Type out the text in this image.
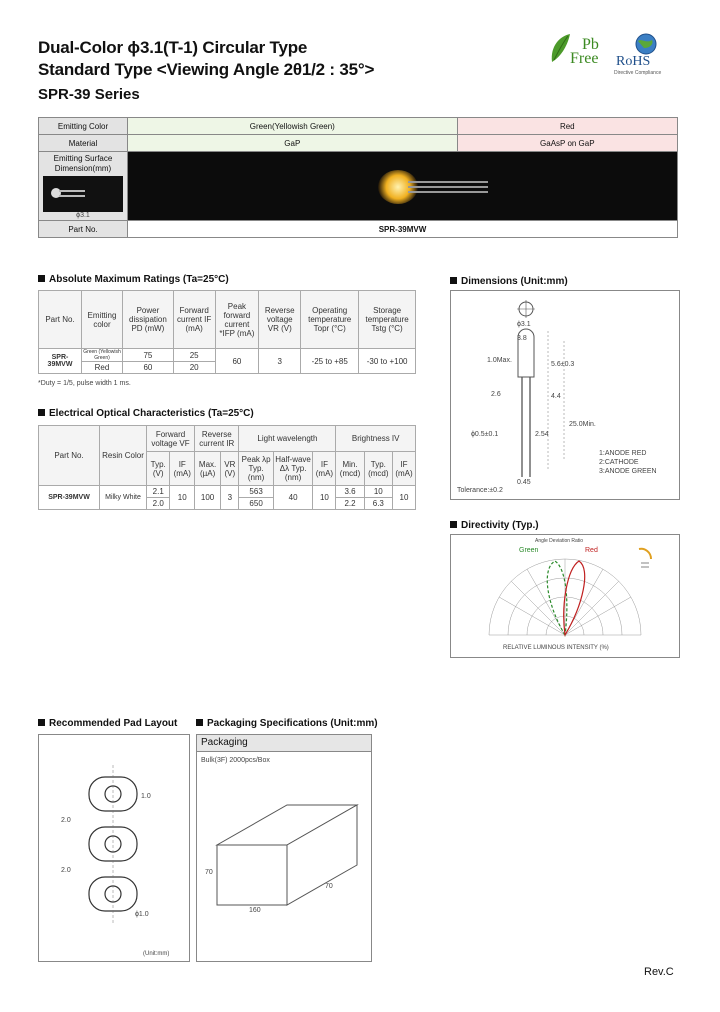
Dual-Color ϕ3.1(T-1) Circular Type
Standard Type <Viewing Angle 2θ1/2 : 35°>
SPR-39 Series
Pb
Free RoHS
Directive Compliance
Emitting Color	Green(Yellowish Green)	Red
Material	GaP	GaAsP on GaP

Emitting Surface Dimension(mm)
ϕ3.1		

Part No.	SPR-39MVW	
Absolute Maximum Ratings (Ta=25°C)
Part No.	Emitting color	Power dissipation PD (mW)	Forward current IF (mA)	Peak forward current *IFP (mA)	Reverse voltage VR (V)	Operating temperature Topr (°C)	Storage temperature Tstg (°C)
SPR-39MVW	Green (Yellowish Green)	75	25	60	3	-25 to +85	-30 to +100
	Red	60	20				
*Duty = 1/5, pulse width 1 ms.
Electrical Optical Characteristics (Ta=25°C)
Part No.	Resin Color	Forward voltage VF		Reverse current IR		Light wavelength			Brightness IV		
		Typ. (V)	IF (mA)	Max. (µA)	VR (V)	Peak λp Typ. (nm)	Half-wave Δλ Typ. (nm)	IF (mA)	Min. (mcd)	Typ. (mcd)	IF (mA)
SPR-39MVW	Milky White	2.1	10	100	3	563	40	10	3.6	10	10
		2.0				650			2.2	6.3	
Dimensions (Unit:mm)
ϕ3.1
3.8
1.0Max.
5.6±0.3
2.6	4.4
ϕ0.5±0.1	2.54
25.0Min.
0.45
1:ANODE RED
2:CATHODE
3:ANODE GREEN
Tolerance:±0.2
Directivity (Typ.)
Green	Red
Angle Deviation Ratio
RELATIVE LUMINOUS INTENSITY (%)
Recommended Pad Layout
1.0
2.0
2.0
ϕ1.0
(Unit:mm)
Packaging Specifications (Unit:mm)
Packaging
Bulk(3F) 2000pcs/Box
70
160
70
Rev.C
